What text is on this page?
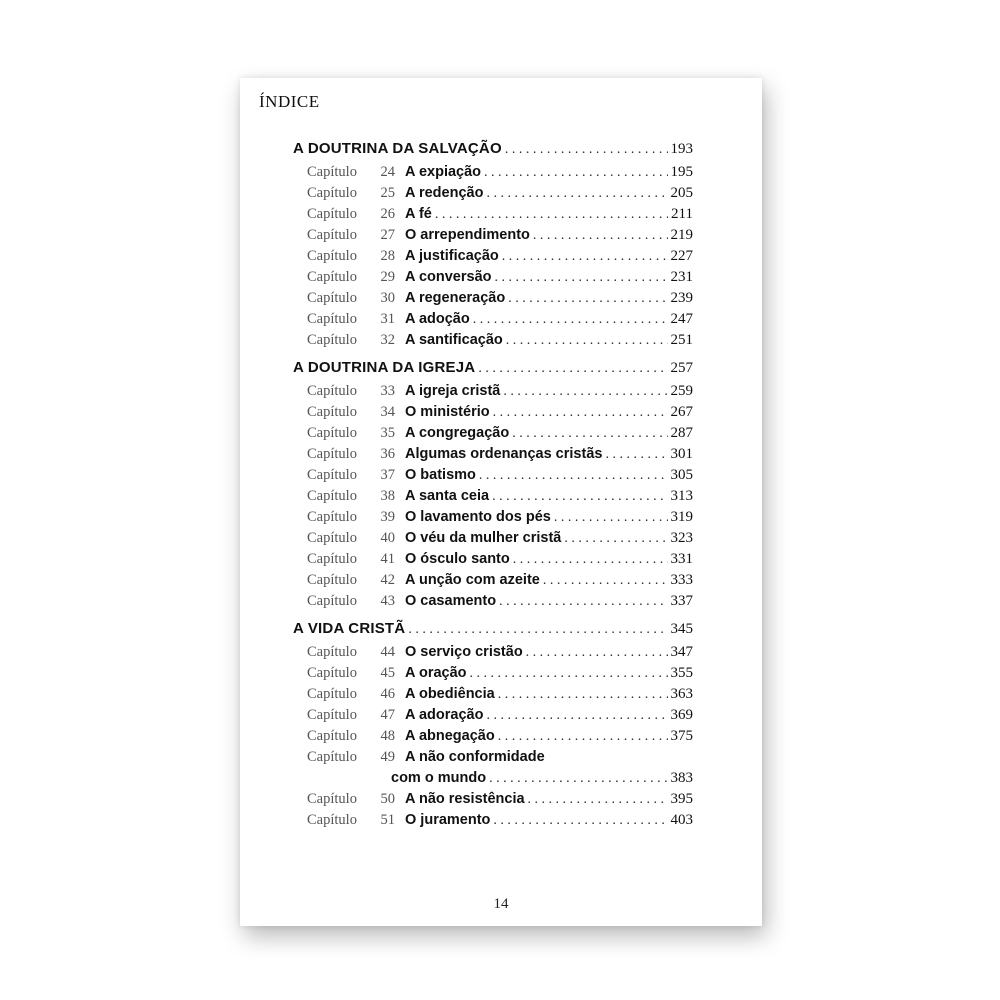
ÍNDICE
A DOUTRINA DA SALVAÇÃO . . .	193
Capítulo	24 A expiação . . .	195
Capítulo	25 A redenção . . .	205
Capítulo	26 A fé . . .	211
Capítulo	27 O arrependimento . . .	219
Capítulo	28 A justificação . . .	227
Capítulo	29 A conversão . . .	231
Capítulo	30 A regeneração . . .	239
Capítulo	31 A adoção . . .	247
Capítulo	32 A santificação . . .	251
A DOUTRINA DA IGREJA . . .	257
Capítulo	33 A igreja cristã . . .	259
Capítulo	34 O ministério . . .	267
Capítulo	35 A congregação . . .	287
Capítulo	36 Algumas ordenanças cristãs . . .	301
Capítulo	37 O batismo . . .	305
Capítulo	38 A santa ceia . . .	313
Capítulo	39 O lavamento dos pés . . .	319
Capítulo	40 O véu da mulher cristã . . .	323
Capítulo	41 O ósculo santo . . .	331
Capítulo	42 A unção com azeite . . .	333
Capítulo	43 O casamento . . .	337
A VIDA CRISTÃ . . .	345
Capítulo	44 O serviço cristão . . .	347
Capítulo	45 A oração . . .	355
Capítulo	46 A obediência . . .	363
Capítulo	47 A adoração . . .	369
Capítulo	48 A abnegação . . .	375
Capítulo	49 A não conformidade
com o mundo . . .	383
Capítulo	50 A não resistência . . .	395
Capítulo	51 O juramento . . .	403
14
